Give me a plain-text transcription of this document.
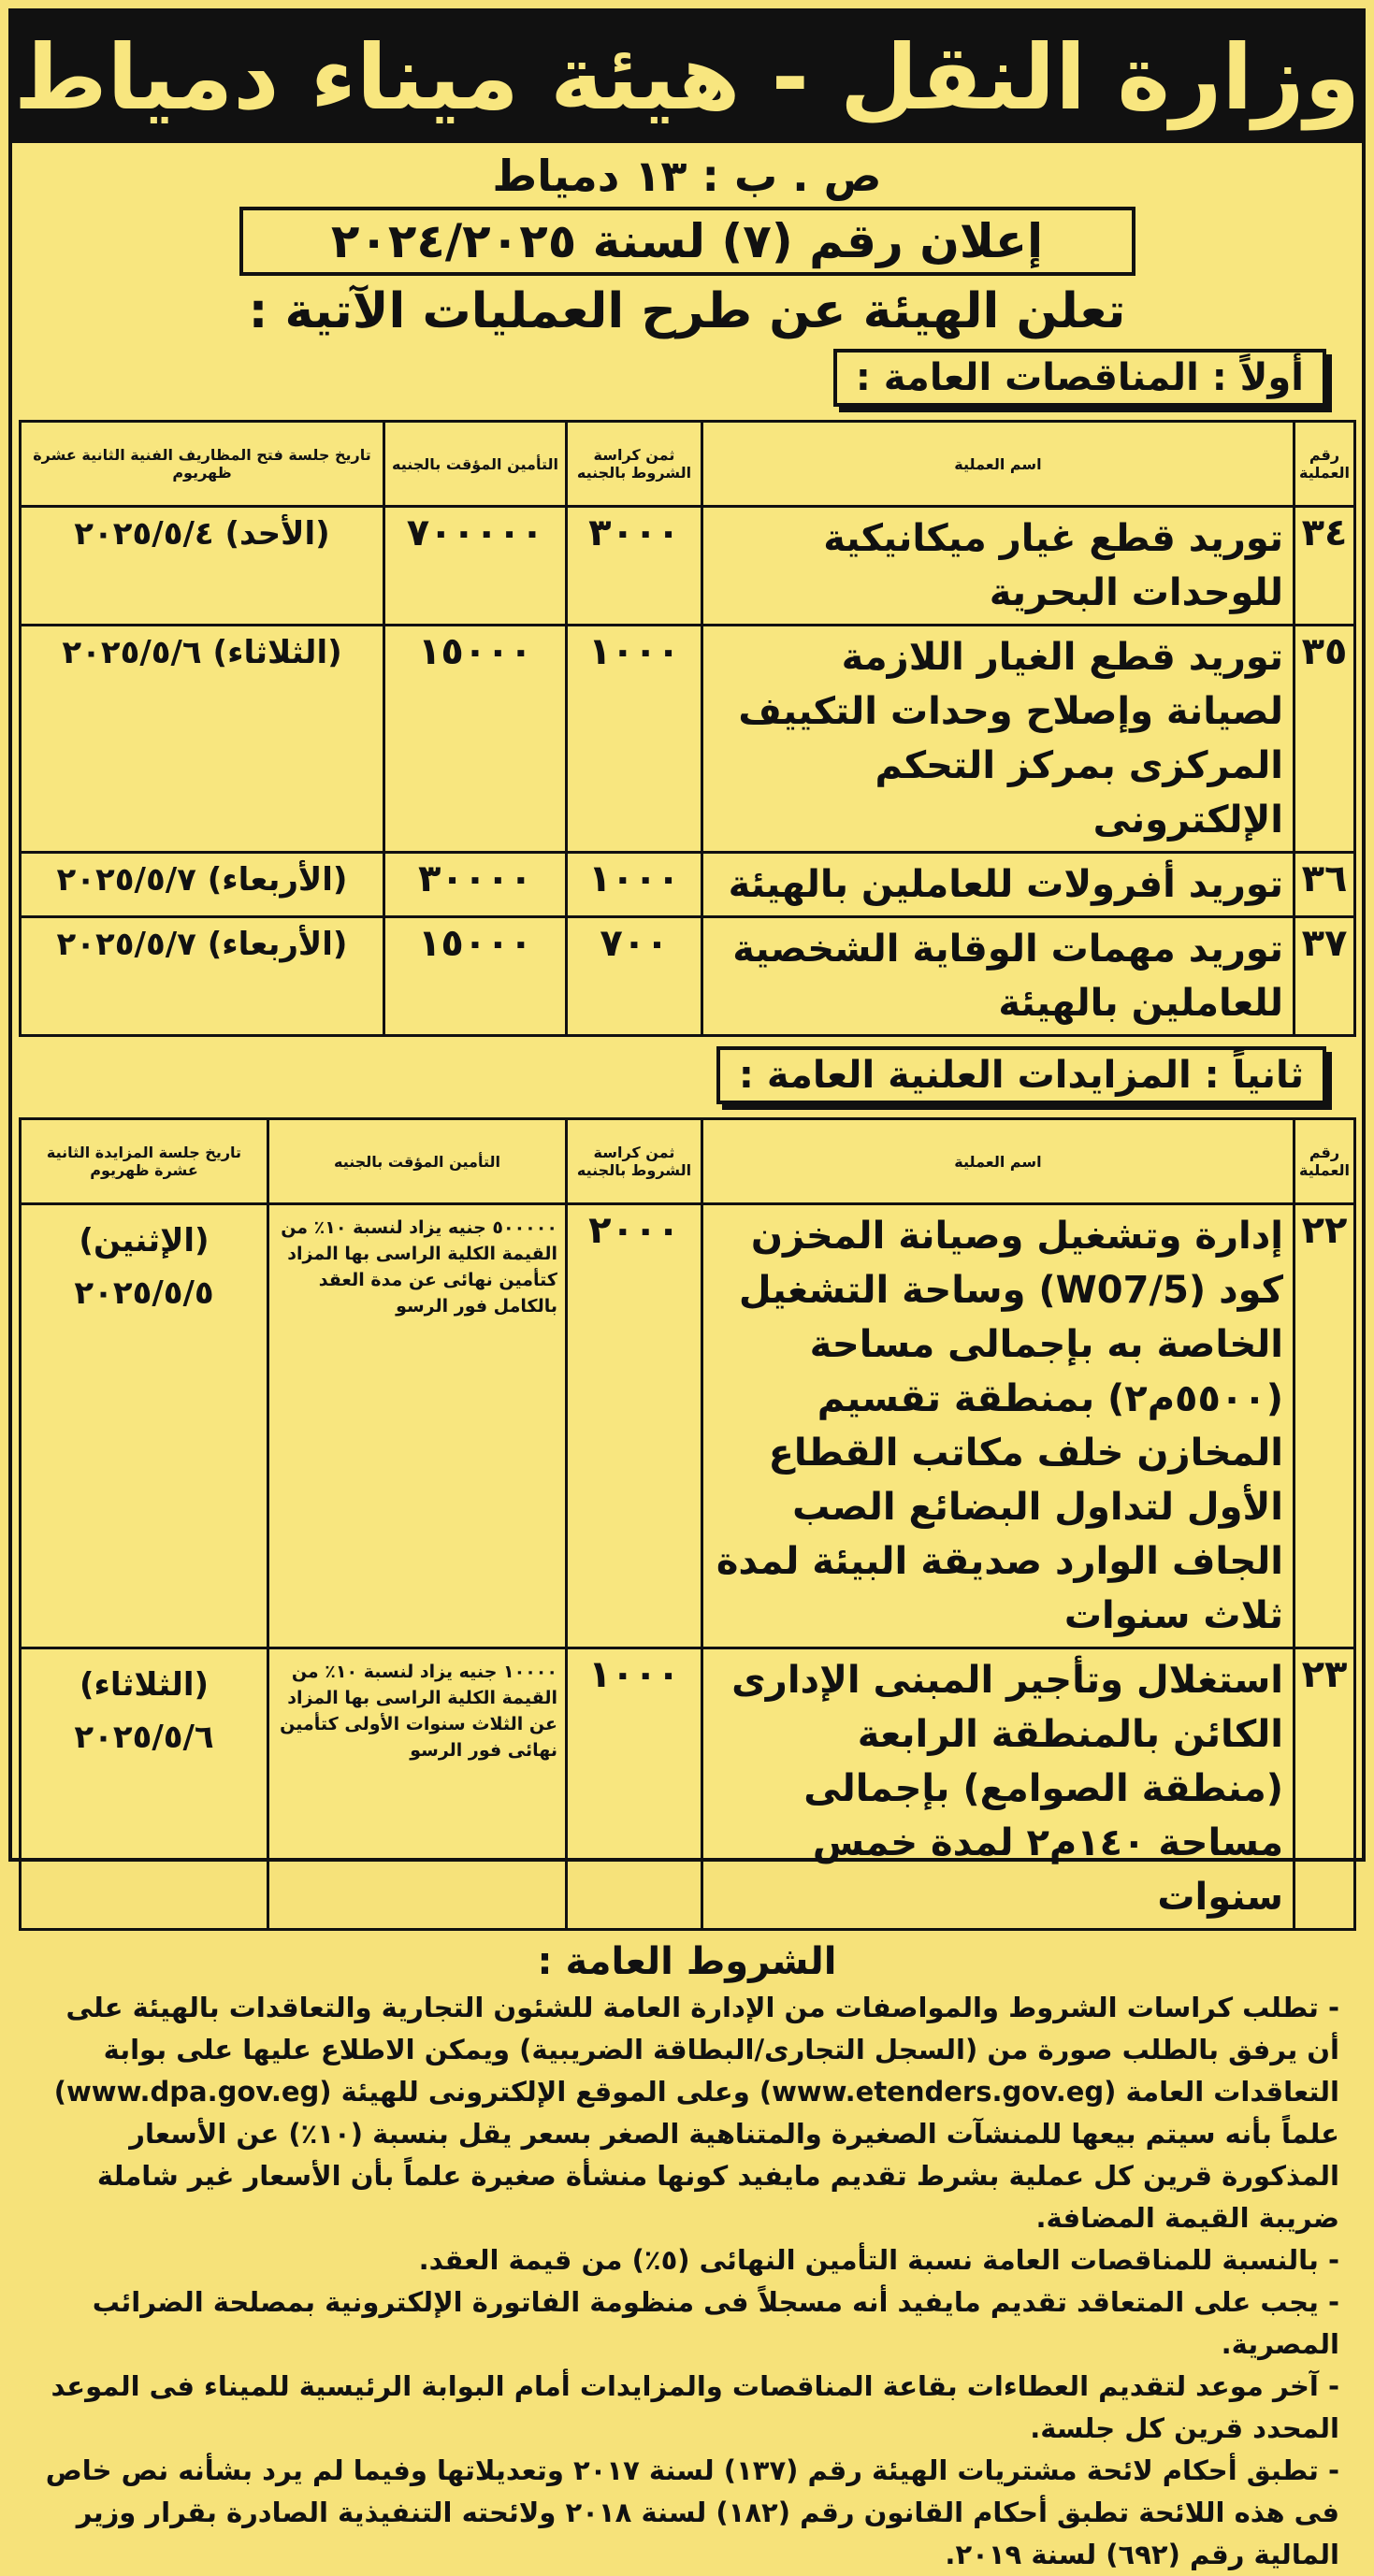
وزارة النقل - هيئة ميناء دمياط
ص . ب : ١٣ دمياط
إعلان رقم (٧) لسنة ٢٠٢٤/٢٠٢٥
تعلن الهيئة عن طرح العمليات الآتية :
أولاً : المناقصات العامة :
رقم العملية	اسم العملية	ثمن كراسة الشروط بالجنيه	التأمين المؤقت بالجنيه	تاريخ جلسة فتح المظاريف الفنية الثانية عشرة ظهريوم
٣٤	توريد قطع غيار ميكانيكية للوحدات البحرية	٣٠٠٠	٧٠٠٠٠٠	(الأحد) ٢٠٢٥/٥/٤
٣٥	توريد قطع الغيار اللازمة لصيانة وإصلاح وحدات التكييف المركزى بمركز التحكم الإلكترونى	١٠٠٠	١٥٠٠٠	(الثلاثاء) ٢٠٢٥/٥/٦
٣٦	توريد أفرولات للعاملين بالهيئة	١٠٠٠	٣٠٠٠٠	(الأربعاء) ٢٠٢٥/٥/٧
٣٧	توريد مهمات الوقاية الشخصية للعاملين بالهيئة	٧٠٠	١٥٠٠٠	(الأربعاء) ٢٠٢٥/٥/٧
ثانياً : المزايدات العلنية العامة :
رقم العملية	اسم العملية	ثمن كراسة الشروط بالجنيه	التأمين المؤقت بالجنيه	تاريخ جلسة المزايدة الثانية عشرة ظهريوم
٢٢	إدارة وتشغيل وصيانة المخزن كود (W07/5) وساحة التشغيل الخاصة به بإجمالى مساحة (٥٥٠٠م٢) بمنطقة تقسيم المخازن خلف مكاتب القطاع الأول لتداول البضائع الصب الجاف الوارد صديقة البيئة لمدة ثلاث سنوات	٢٠٠٠	٥٠٠٠٠٠ جنيه يزاد لنسبة ١٠٪ من القيمة الكلية الراسى بها المزاد كتأمين نهائى عن مدة العقد بالكامل فور الرسو	(الإثنين)
٢٠٢٥/٥/٥

٢٣	استغلال وتأجير المبنى الإدارى الكائن بالمنطقة الرابعة (منطقة الصوامع) بإجمالى مساحة ١٤٠م٢ لمدة خمس سنوات	١٠٠٠	١٠٠٠٠ جنيه يزاد لنسبة ١٠٪ من القيمة الكلية الراسى بها المزاد عن الثلاث سنوات الأولى كتأمين نهائى فور الرسو	(الثلاثاء)
٢٠٢٥/٥/٦
الشروط العامة :

- تطلب كراسات الشروط والمواصفات من الإدارة العامة للشئون التجارية والتعاقدات بالهيئة على أن يرفق بالطلب صورة من (السجل التجارى/البطاقة الضريبية) ويمكن الاطلاع عليها على بوابة التعاقدات العامة (www.etenders.gov.eg) وعلى الموقع الإلكترونى للهيئة (www.dpa.gov.eg) علماً بأنه سيتم بيعها للمنشآت الصغيرة والمتناهية الصغر بسعر يقل بنسبة (١٠٪) عن الأسعار المذكورة قرين كل عملية بشرط تقديم مايفيد كونها منشأة صغيرة علماً بأن الأسعار غير شاملة ضريبة القيمة المضافة.

- بالنسبة للمناقصات العامة نسبة التأمين النهائى (٥٪) من قيمة العقد.

- يجب على المتعاقد تقديم مايفيد أنه مسجلاً فى منظومة الفاتورة الإلكترونية بمصلحة الضرائب المصرية.

- آخر موعد لتقديم العطاءات بقاعة المناقصات والمزايدات أمام البوابة الرئيسية للميناء فى الموعد المحدد قرين كل جلسة.

- تطبق أحكام لائحة مشتريات الهيئة رقم (١٣٧) لسنة ٢٠١٧ وتعديلاتها وفيما لم يرد بشأنه نص خاص فى هذه اللائحة تطبق أحكام القانون رقم (١٨٢) لسنة ٢٠١٨ ولائحته التنفيذية الصادرة بقرار وزير المالية رقم (٦٩٢) لسنة ٢٠١٩.
